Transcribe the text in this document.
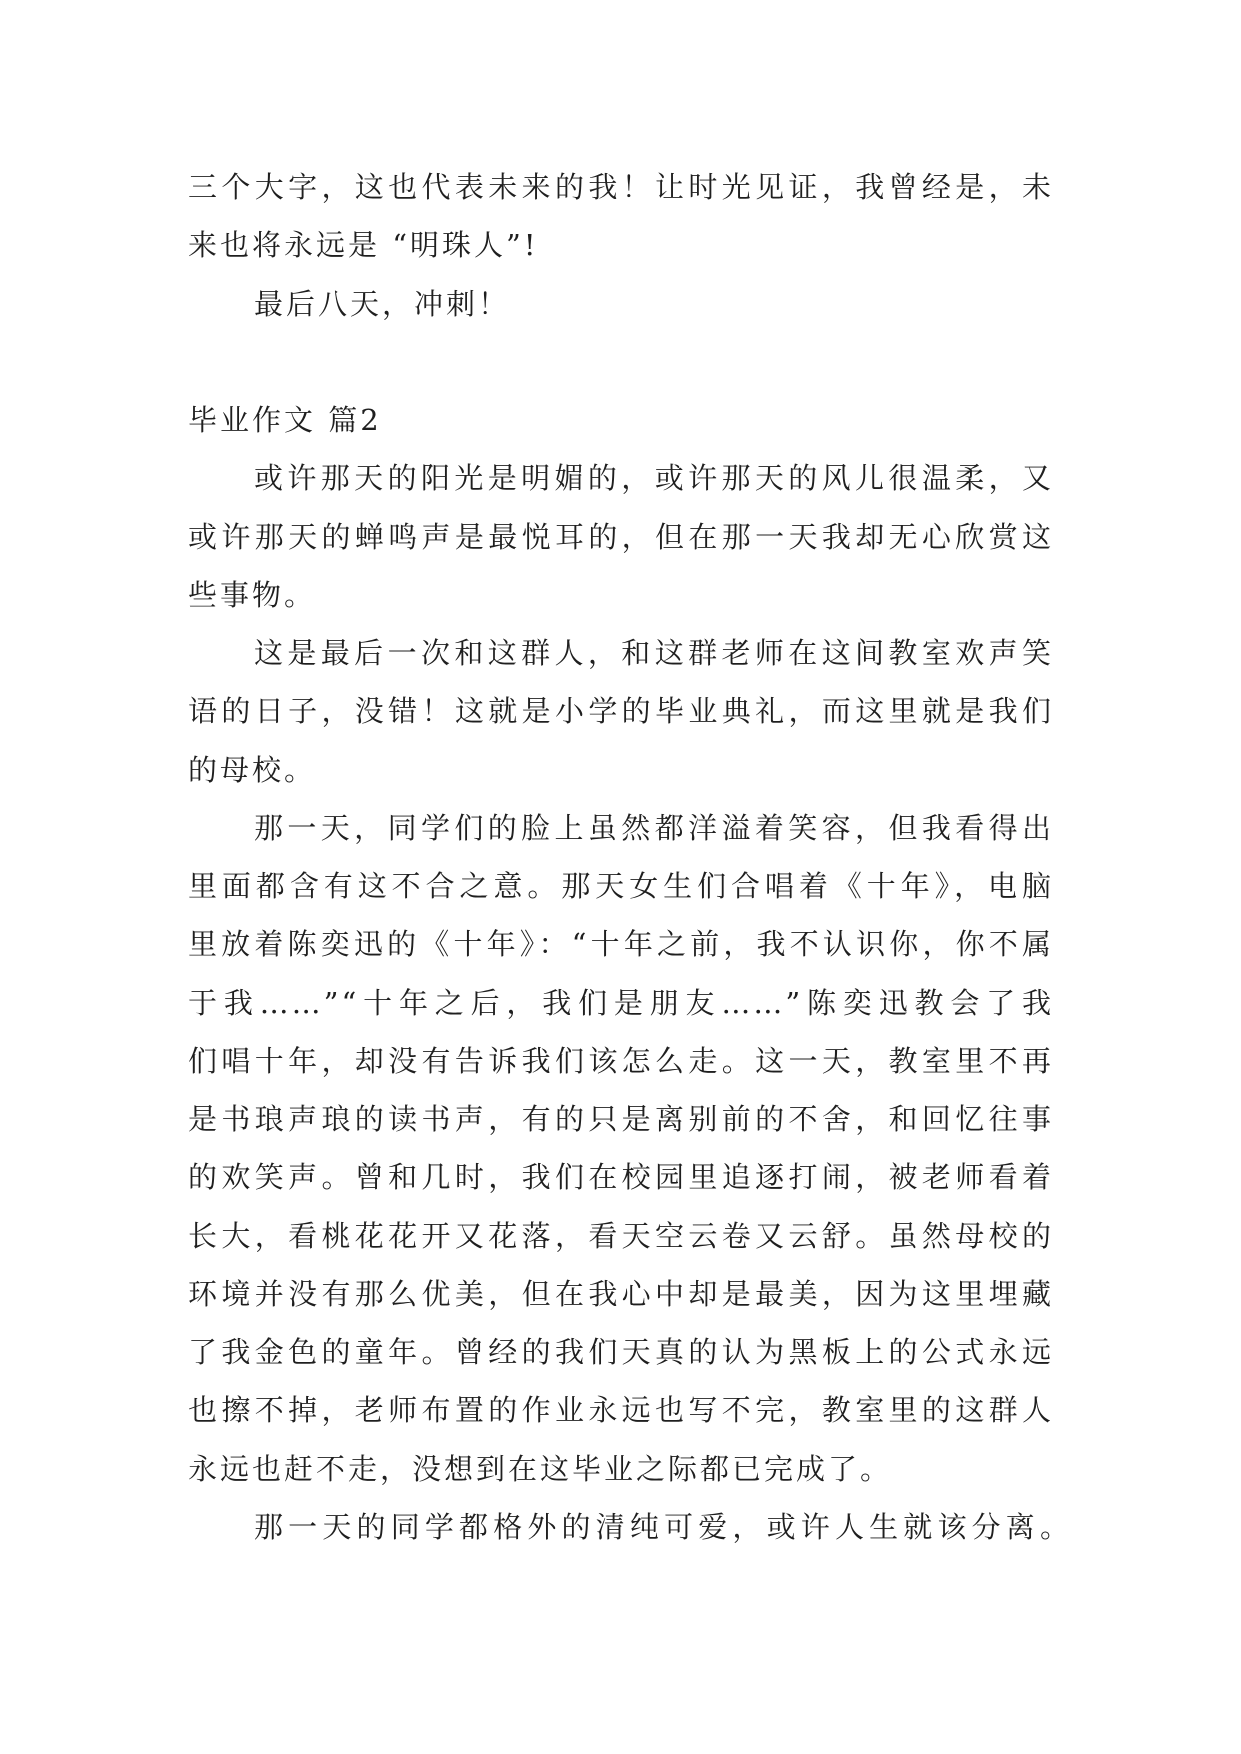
三个大字，这也代表未来的我！让时光见证，我曾经是，未
来也将永远是 “明珠人”!
最后八天，冲刺！
毕业作文 篇2
或许那天的阳光是明媚的，或许那天的风儿很温柔，又
或许那天的蝉鸣声是最悦耳的，但在那一天我却无心欣赏这
些事物。
这是最后一次和这群人，和这群老师在这间教室欢声笑
语的日子，没错！这就是小学的毕业典礼，而这里就是我们
的母校。
那一天，同学们的脸上虽然都洋溢着笑容，但我看得出
里面都含有这不合之意。那天女生们合唱着《十年》，电脑
里放着陈奕迅的《十年》：“十年之前，我不认识你，你不属
于我……”“十年之后，我们是朋友……”陈奕迅教会了我
们唱十年，却没有告诉我们该怎么走。这一天，教室里不再
是书琅声琅的读书声，有的只是离别前的不舍，和回忆往事
的欢笑声。曾和几时，我们在校园里追逐打闹，被老师看着
长大，看桃花花开又花落，看天空云卷又云舒。虽然母校的
环境并没有那么优美，但在我心中却是最美，因为这里埋藏
了我金色的童年。曾经的我们天真的认为黑板上的公式永远
也擦不掉，老师布置的作业永远也写不完，教室里的这群人
永远也赶不走，没想到在这毕业之际都已完成了。
那一天的同学都格外的清纯可爱，或许人生就该分离。
